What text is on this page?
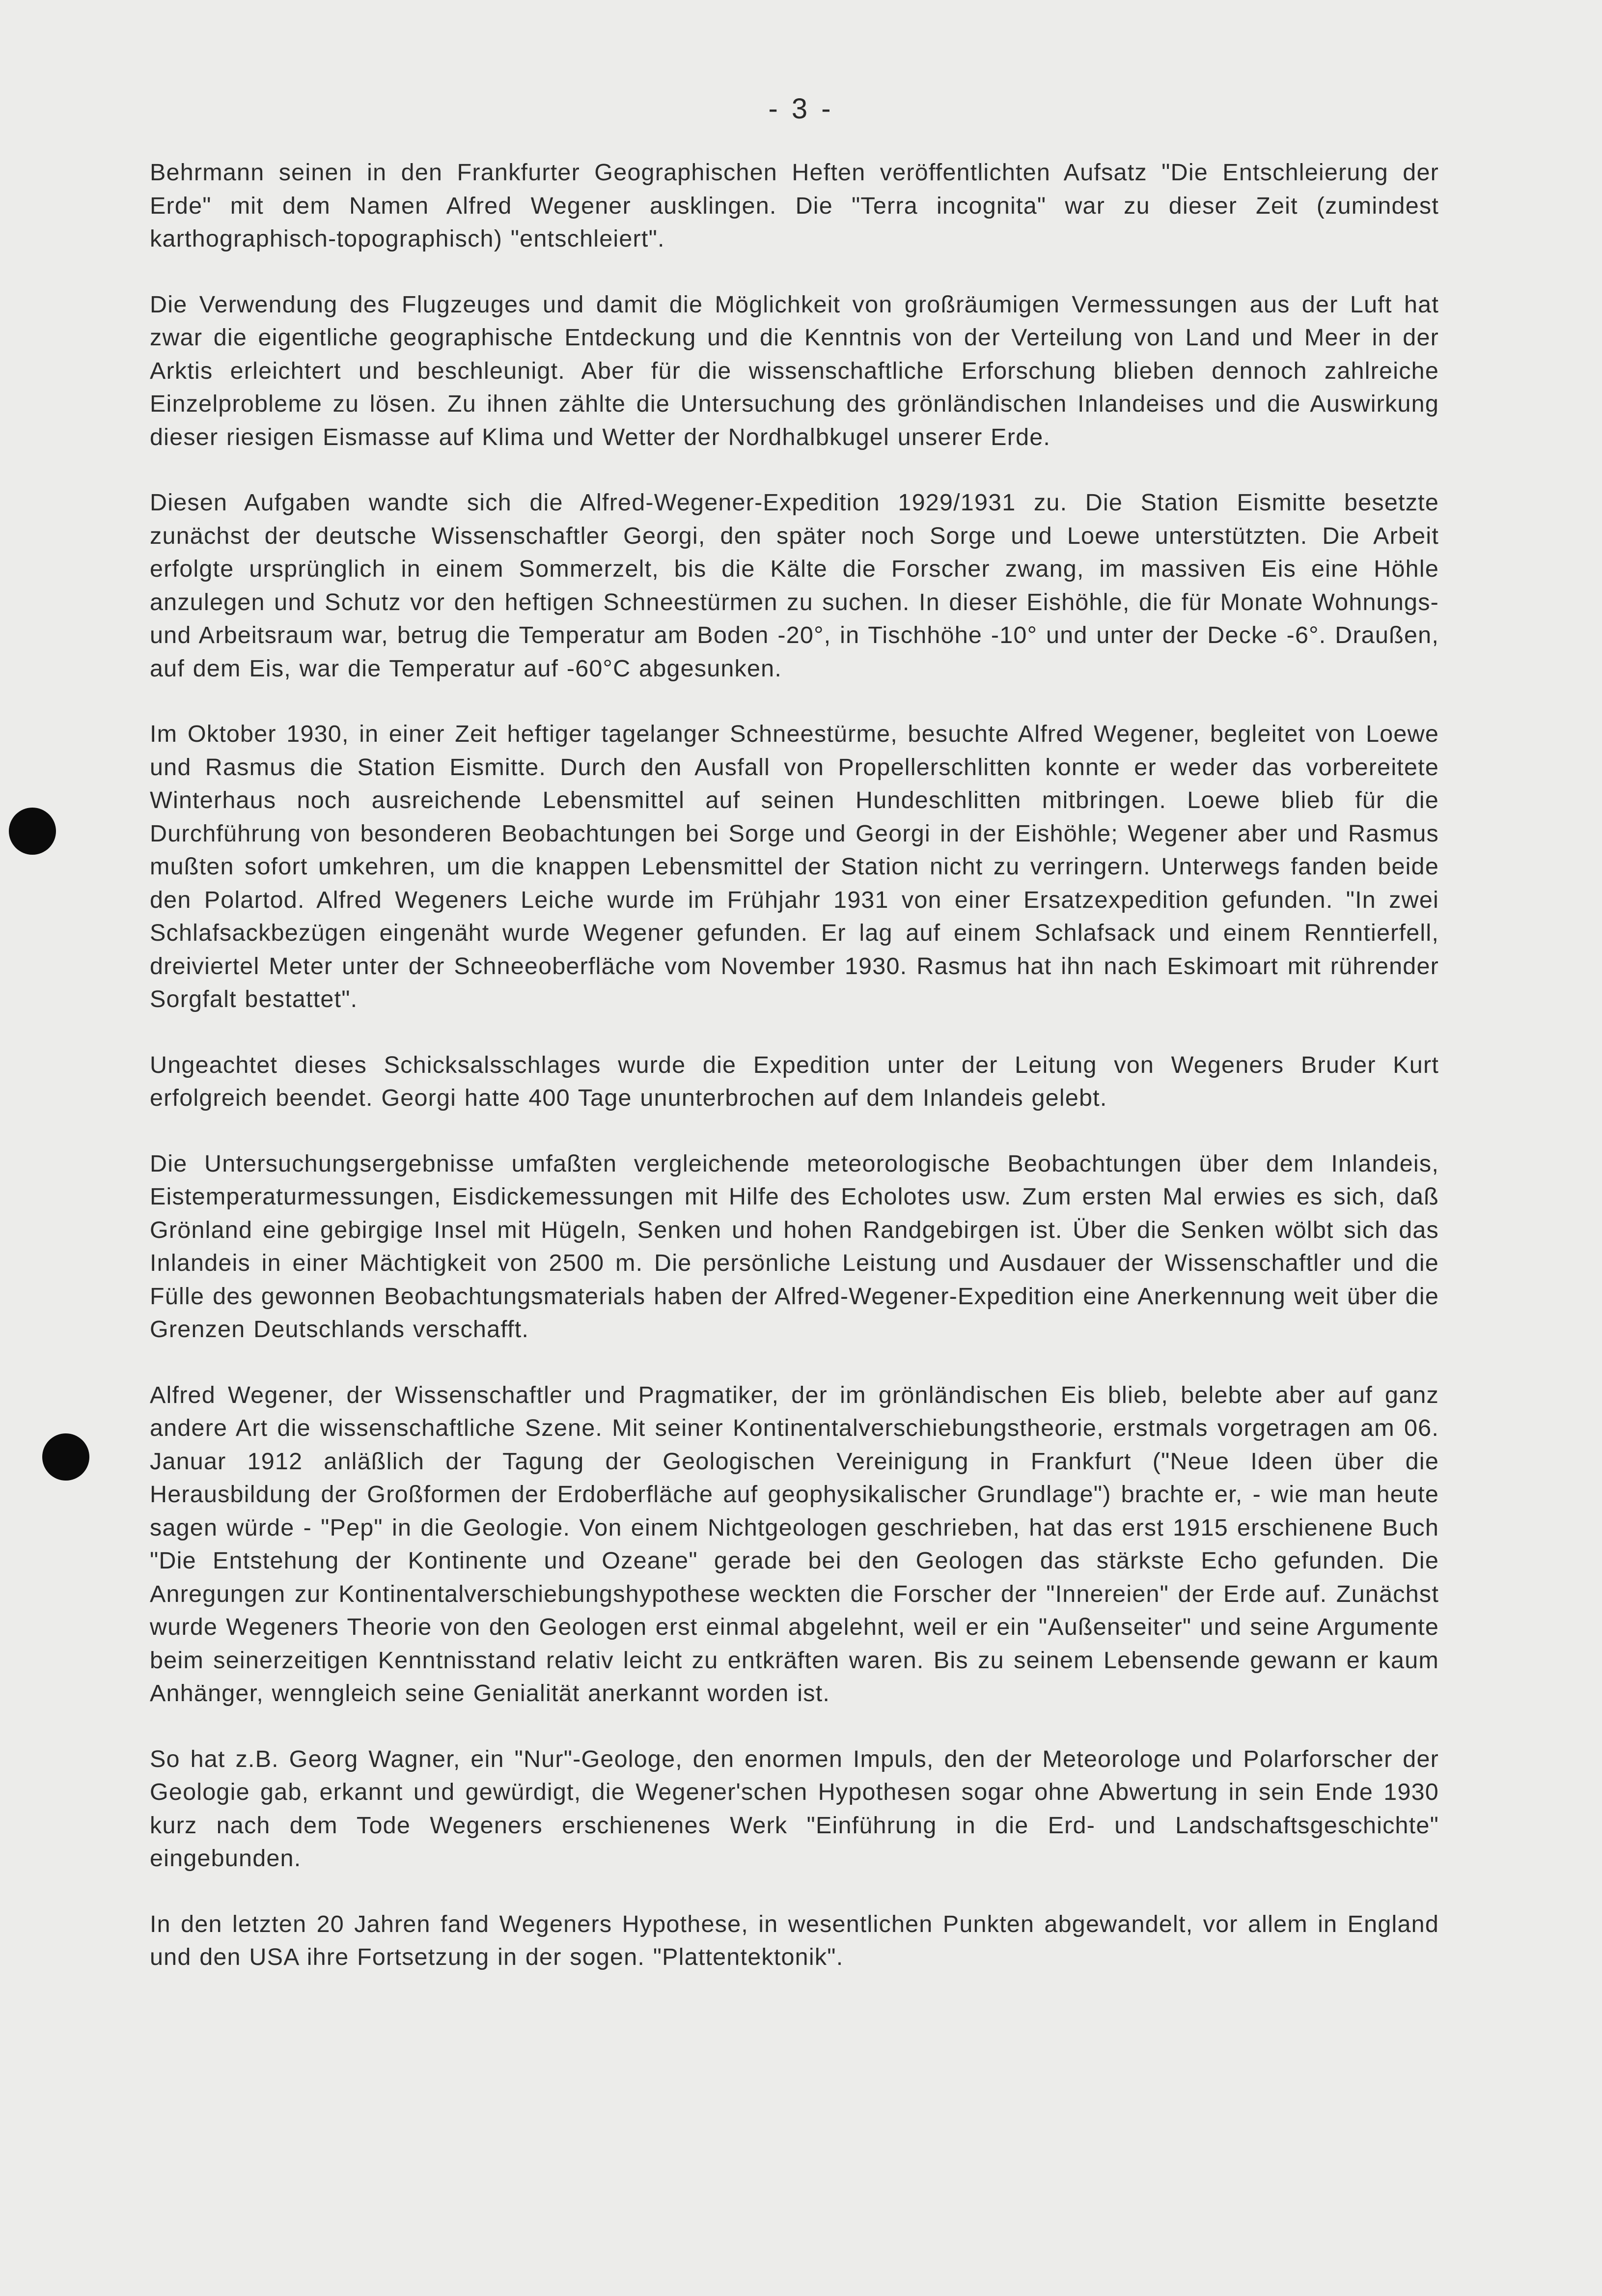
- 3 -

Behrmann seinen in den Frankfurter Geographischen Heften veröffentlichten Aufsatz "Die Entschleierung der Erde" mit dem Namen Alfred Wegener ausklingen. Die "Terra incognita" war zu dieser Zeit (zumindest karthographisch-topographisch) "entschleiert".

Die Verwendung des Flugzeuges und damit die Möglichkeit von großräumigen Vermessungen aus der Luft hat zwar die eigentliche geographische Entdeckung und die Kenntnis von der Verteilung von Land und Meer in der Arktis erleichtert und beschleunigt. Aber für die wissenschaftliche Erforschung blieben dennoch zahlreiche Einzelprobleme zu lösen. Zu ihnen zählte die Untersuchung des grönländischen Inlandeises und die Auswirkung dieser riesigen Eismasse auf Klima und Wetter der Nordhalbkugel unserer Erde.

Diesen Aufgaben wandte sich die Alfred-Wegener-Expedition 1929/1931 zu. Die Station Eismitte besetzte zunächst der deutsche Wissenschaftler Georgi, den später noch Sorge und Loewe unterstützten. Die Arbeit erfolgte ursprünglich in einem Sommerzelt, bis die Kälte die Forscher zwang, im massiven Eis eine Höhle anzulegen und Schutz vor den heftigen Schneestürmen zu suchen. In dieser Eishöhle, die für Monate Wohnungs- und Arbeitsraum war, betrug die Temperatur am Boden -20°, in Tischhöhe -10° und unter der Decke -6°. Draußen, auf dem Eis, war die Temperatur auf -60°C abgesunken.

Im Oktober 1930, in einer Zeit heftiger tagelanger Schneestürme, besuchte Alfred Wegener, begleitet von Loewe und Rasmus die Station Eismitte. Durch den Ausfall von Propellerschlitten konnte er weder das vorbereitete Winterhaus noch ausreichende Lebensmittel auf seinen Hundeschlitten mitbringen. Loewe blieb für die Durchführung von besonderen Beobachtungen bei Sorge und Georgi in der Eishöhle; Wegener aber und Rasmus mußten sofort umkehren, um die knappen Lebensmittel der Station nicht zu verringern. Unterwegs fanden beide den Polartod. Alfred Wegeners Leiche wurde im Frühjahr 1931 von einer Ersatzexpedition gefunden. "In zwei Schlafsackbezügen eingenäht wurde Wegener gefunden. Er lag auf einem Schlafsack und einem Renntierfell, dreiviertel Meter unter der Schneeoberfläche vom November 1930. Rasmus hat ihn nach Eskimoart mit rührender Sorgfalt bestattet".

Ungeachtet dieses Schicksalsschlages wurde die Expedition unter der Leitung von Wegeners Bruder Kurt erfolgreich beendet. Georgi hatte 400 Tage ununterbrochen auf dem Inlandeis gelebt.

Die Untersuchungsergebnisse umfaßten vergleichende meteorologische Beobachtungen über dem Inlandeis, Eistemperaturmessungen, Eisdickemessungen mit Hilfe des Echolotes usw. Zum ersten Mal erwies es sich, daß Grönland eine gebirgige Insel mit Hügeln, Senken und hohen Randgebirgen ist. Über die Senken wölbt sich das Inlandeis in einer Mächtigkeit von 2500 m. Die persönliche Leistung und Ausdauer der Wissenschaftler und die Fülle des gewonnen Beobachtungsmaterials haben der Alfred-Wegener-Expedition eine Anerkennung weit über die Grenzen Deutschlands verschafft.

Alfred Wegener, der Wissenschaftler und Pragmatiker, der im grönländischen Eis blieb, belebte aber auf ganz andere Art die wissenschaftliche Szene. Mit seiner Kontinentalverschiebungstheorie, erstmals vorgetragen am 06. Januar 1912 anläßlich der Tagung der Geologischen Vereinigung in Frankfurt ("Neue Ideen über die Herausbildung der Großformen der Erdoberfläche auf geophysikalischer Grundlage") brachte er, - wie man heute sagen würde - "Pep" in die Geologie. Von einem Nichtgeologen geschrieben, hat das erst 1915 erschienene Buch "Die Entstehung der Kontinente und Ozeane" gerade bei den Geologen das stärkste Echo gefunden. Die Anregungen zur Kontinentalverschiebungshypothese weckten die Forscher der "Innereien" der Erde auf. Zunächst wurde Wegeners Theorie von den Geologen erst einmal abgelehnt, weil er ein "Außenseiter" und seine Argumente beim seinerzeitigen Kenntnisstand relativ leicht zu entkräften waren. Bis zu seinem Lebensende gewann er kaum Anhänger, wenngleich seine Genialität anerkannt worden ist.

So hat z.B. Georg Wagner, ein "Nur"-Geologe, den enormen Impuls, den der Meteorologe und Polarforscher der Geologie gab, erkannt und gewürdigt, die Wegener'schen Hypothesen sogar ohne Abwertung in sein Ende 1930 kurz nach dem Tode Wegeners erschienenes Werk "Einführung in die Erd- und Landschaftsgeschichte" eingebunden.

In den letzten 20 Jahren fand Wegeners Hypothese, in wesentlichen Punkten abgewandelt, vor allem in England und den USA ihre Fortsetzung in der sogen. "Plattentektonik".
